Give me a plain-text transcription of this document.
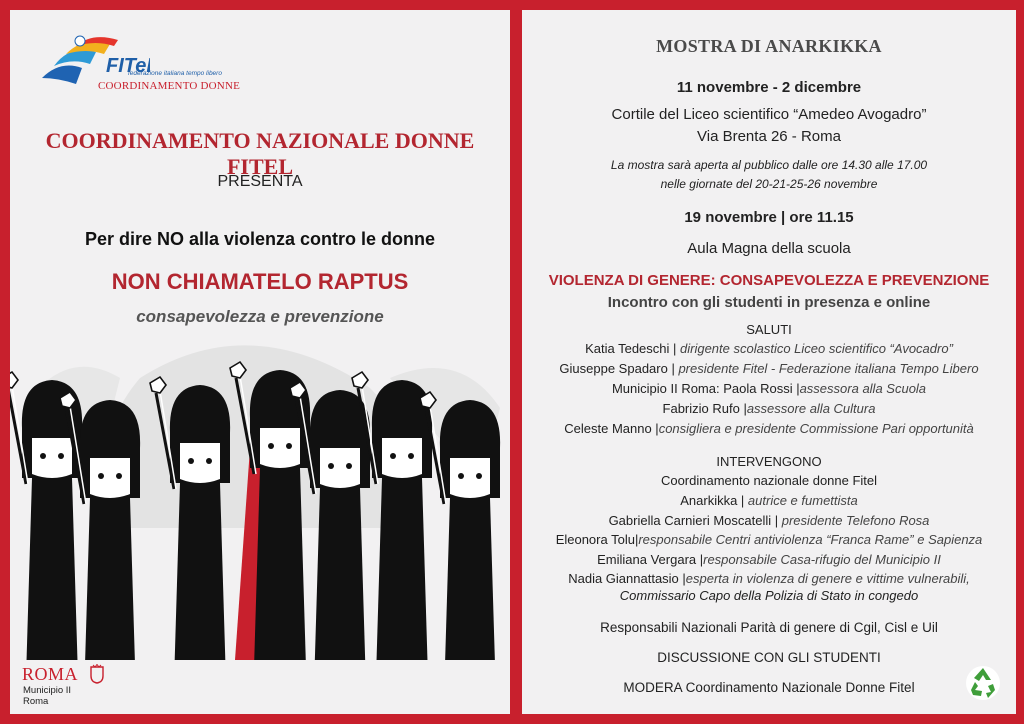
FITe
federazione italiana tempo libero
COORDINAMENTO DONNE
COORDINAMENTO NAZIONALE DONNE FITEL
PRESENTA
Per dire NO alla violenza contro le donne
NON CHIAMATELO RAPTUS
consapevolezza e prevenzione
ROMA
Municipio II
Roma
MOSTRA DI ANARKIKKA
11 novembre - 2 dicembre
Cortile del Liceo scientifico “Amedeo Avogadro”
Via Brenta 26 - Roma
La mostra sarà aperta al pubblico dalle ore 14.30 alle 17.00
nelle giornate del 20-21-25-26 novembre
19 novembre | ore 11.15
Aula Magna della scuola
VIOLENZA DI GENERE: CONSAPEVOLEZZA E PREVENZIONE
Incontro con gli studenti in presenza e online
SALUTI
Katia Tedeschi | dirigente scolastico Liceo scientifico “Avocadro”
Giuseppe Spadaro | presidente Fitel - Federazione italiana Tempo Libero
Municipio II Roma: Paola Rossi |assessora alla Scuola
Fabrizio Rufo |assessore alla Cultura
Celeste Manno |consigliera e presidente Commissione Pari opportunità
INTERVENGONO
Coordinamento nazionale donne Fitel
Anarkikka | autrice e fumettista
Gabriella Carnieri Moscatelli | presidente Telefono Rosa
Eleonora Tolu|responsabile Centri antiviolenza “Franca Rame” e Sapienza
Emiliana Vergara |responsabile Casa-rifugio del Municipio II
Nadia Giannattasio |esperta in violenza di genere e vittime vulnerabili,
Commissario Capo della Polizia di Stato in congedo
Responsabili Nazionali Parità di genere di Cgil, Cisl e Uil
DISCUSSIONE CON GLI STUDENTI
MODERA Coordinamento Nazionale Donne Fitel
